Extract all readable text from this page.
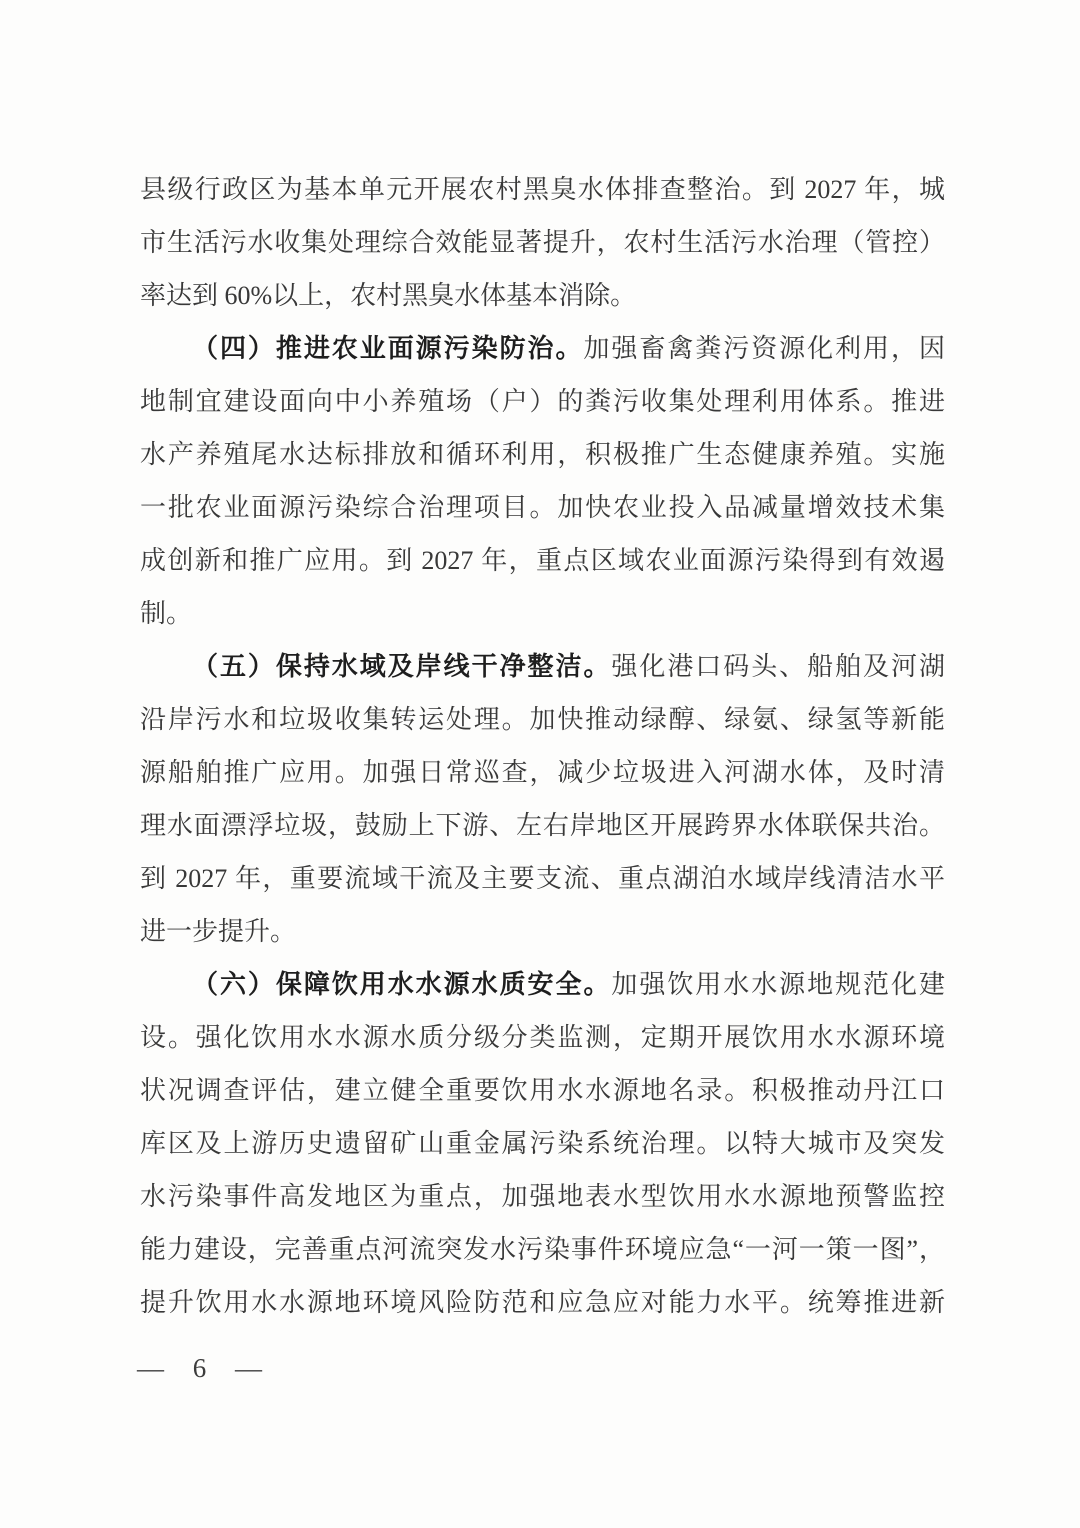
县级行政区为基本单元开展农村黑臭水体排查整治。到 2027 年，城
市生活污水收集处理综合效能显著提升，农村生活污水治理（管控）
率达到 60%以上，农村黑臭水体基本消除。
（四）推进农业面源污染防治。加强畜禽粪污资源化利用，因
地制宜建设面向中小养殖场（户）的粪污收集处理利用体系。推进
水产养殖尾水达标排放和循环利用，积极推广生态健康养殖。实施
一批农业面源污染综合治理项目。加快农业投入品减量增效技术集
成创新和推广应用。到 2027 年，重点区域农业面源污染得到有效遏
制。
（五）保持水域及岸线干净整洁。强化港口码头、船舶及河湖
沿岸污水和垃圾收集转运处理。加快推动绿醇、绿氨、绿氢等新能
源船舶推广应用。加强日常巡查，减少垃圾进入河湖水体，及时清
理水面漂浮垃圾，鼓励上下游、左右岸地区开展跨界水体联保共治。
到 2027 年，重要流域干流及主要支流、重点湖泊水域岸线清洁水平
进一步提升。
（六）保障饮用水水源水质安全。加强饮用水水源地规范化建
设。强化饮用水水源水质分级分类监测，定期开展饮用水水源环境
状况调查评估，建立健全重要饮用水水源地名录。积极推动丹江口
库区及上游历史遗留矿山重金属污染系统治理。以特大城市及突发
水污染事件高发地区为重点，加强地表水型饮用水水源地预警监控
能力建设，完善重点河流突发水污染事件环境应急“一河一策一图”，
提升饮用水水源地环境风险防范和应急应对能力水平。统筹推进新
— 6 —
